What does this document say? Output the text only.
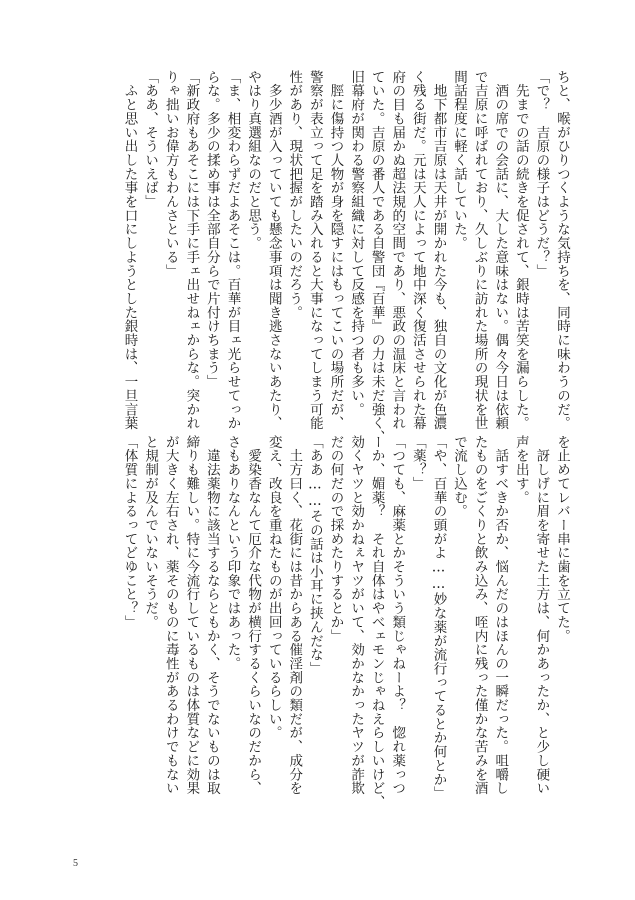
ちと、喉がひりつくような気持ちを、同時に味わうのだ。
「で？　吉原の様子はどうだ？」
　先までの話の続きを促されて、銀時は苦笑を漏らした。
　酒の席での会話に、大した意味はない。偶々今日は依頼
で吉原に呼ばれており、久しぶりに訪れた場所の現状を世
間話程度に軽く話していた。
　地下都市吉原は天井が開かれた今も、独自の文化が色濃
く残る街だ。元は天人によって地中深く復活させられた幕
府の目も届かぬ超法規的空間であり、悪政の温床と言われ
ていた。吉原の番人である自警団『百華』の力は未だ強く、
旧幕府が関わる警察組織に対して反感を持つ者も多い。
　脛に傷持つ人物が身を隠すにはもってこいの場所だが、
警察が表立って足を踏み入れると大事になってしまう可能
性があり、現状把握がしたいのだろう。
　多少酒が入っていても懸念事項は聞き逃さないあたり、
やはり真選組なのだと思う。
「ま、相変わらずだよあそこは。百華が目ェ光らせてっか
らな。多少の揉め事は全部自分らで片付けちまう」
「新政府もあそこには下手に手ェ出せねェからな。突かれ
りゃ拙いお偉方もわんさといる」
「ああ、そういえば」
　ふと思い出した事を口にしようとした銀時は、一旦言葉
を止めてレバー串に歯を立てた。
　訝しげに眉を寄せた土方は、何かあったか、と少し硬い
声を出す。
　話すべきか否か、悩んだのはほんの一瞬だった。咀嚼し
たものをごくりと飲み込み、咥内に残った僅かな苦みを酒
で流し込む。
「や、百華の頭がよ……妙な薬が流行ってるとか何とか」
「薬？」
「つても、麻薬とかそういう類じゃねーよ？　惚れ薬っつ
ーか、媚薬？　それ自体はやべェモンじゃねえらしいけど、
効くヤツと効かねぇヤツがいて、効かなかったヤツが詐欺
だの何だので採めたりするとか」
「ああ……その話は小耳に挟んだな」
　土方曰く、花街には昔からある催淫剤の類だが、成分を
変え、改良を重ねたものが出回っているらしい。
　愛染香なんて厄介な代物が横行するくらいなのだから、
さもありなんという印象ではあった。
　違法薬物に該当するならともかく、そうでないものは取
締りも難しい。特に今流行しているものは体質などに効果
が大きく左右され、薬そのものに毒性があるわけでもない
と規制が及んでいないそうだ。
「体質によるってどゆこと？」
5
